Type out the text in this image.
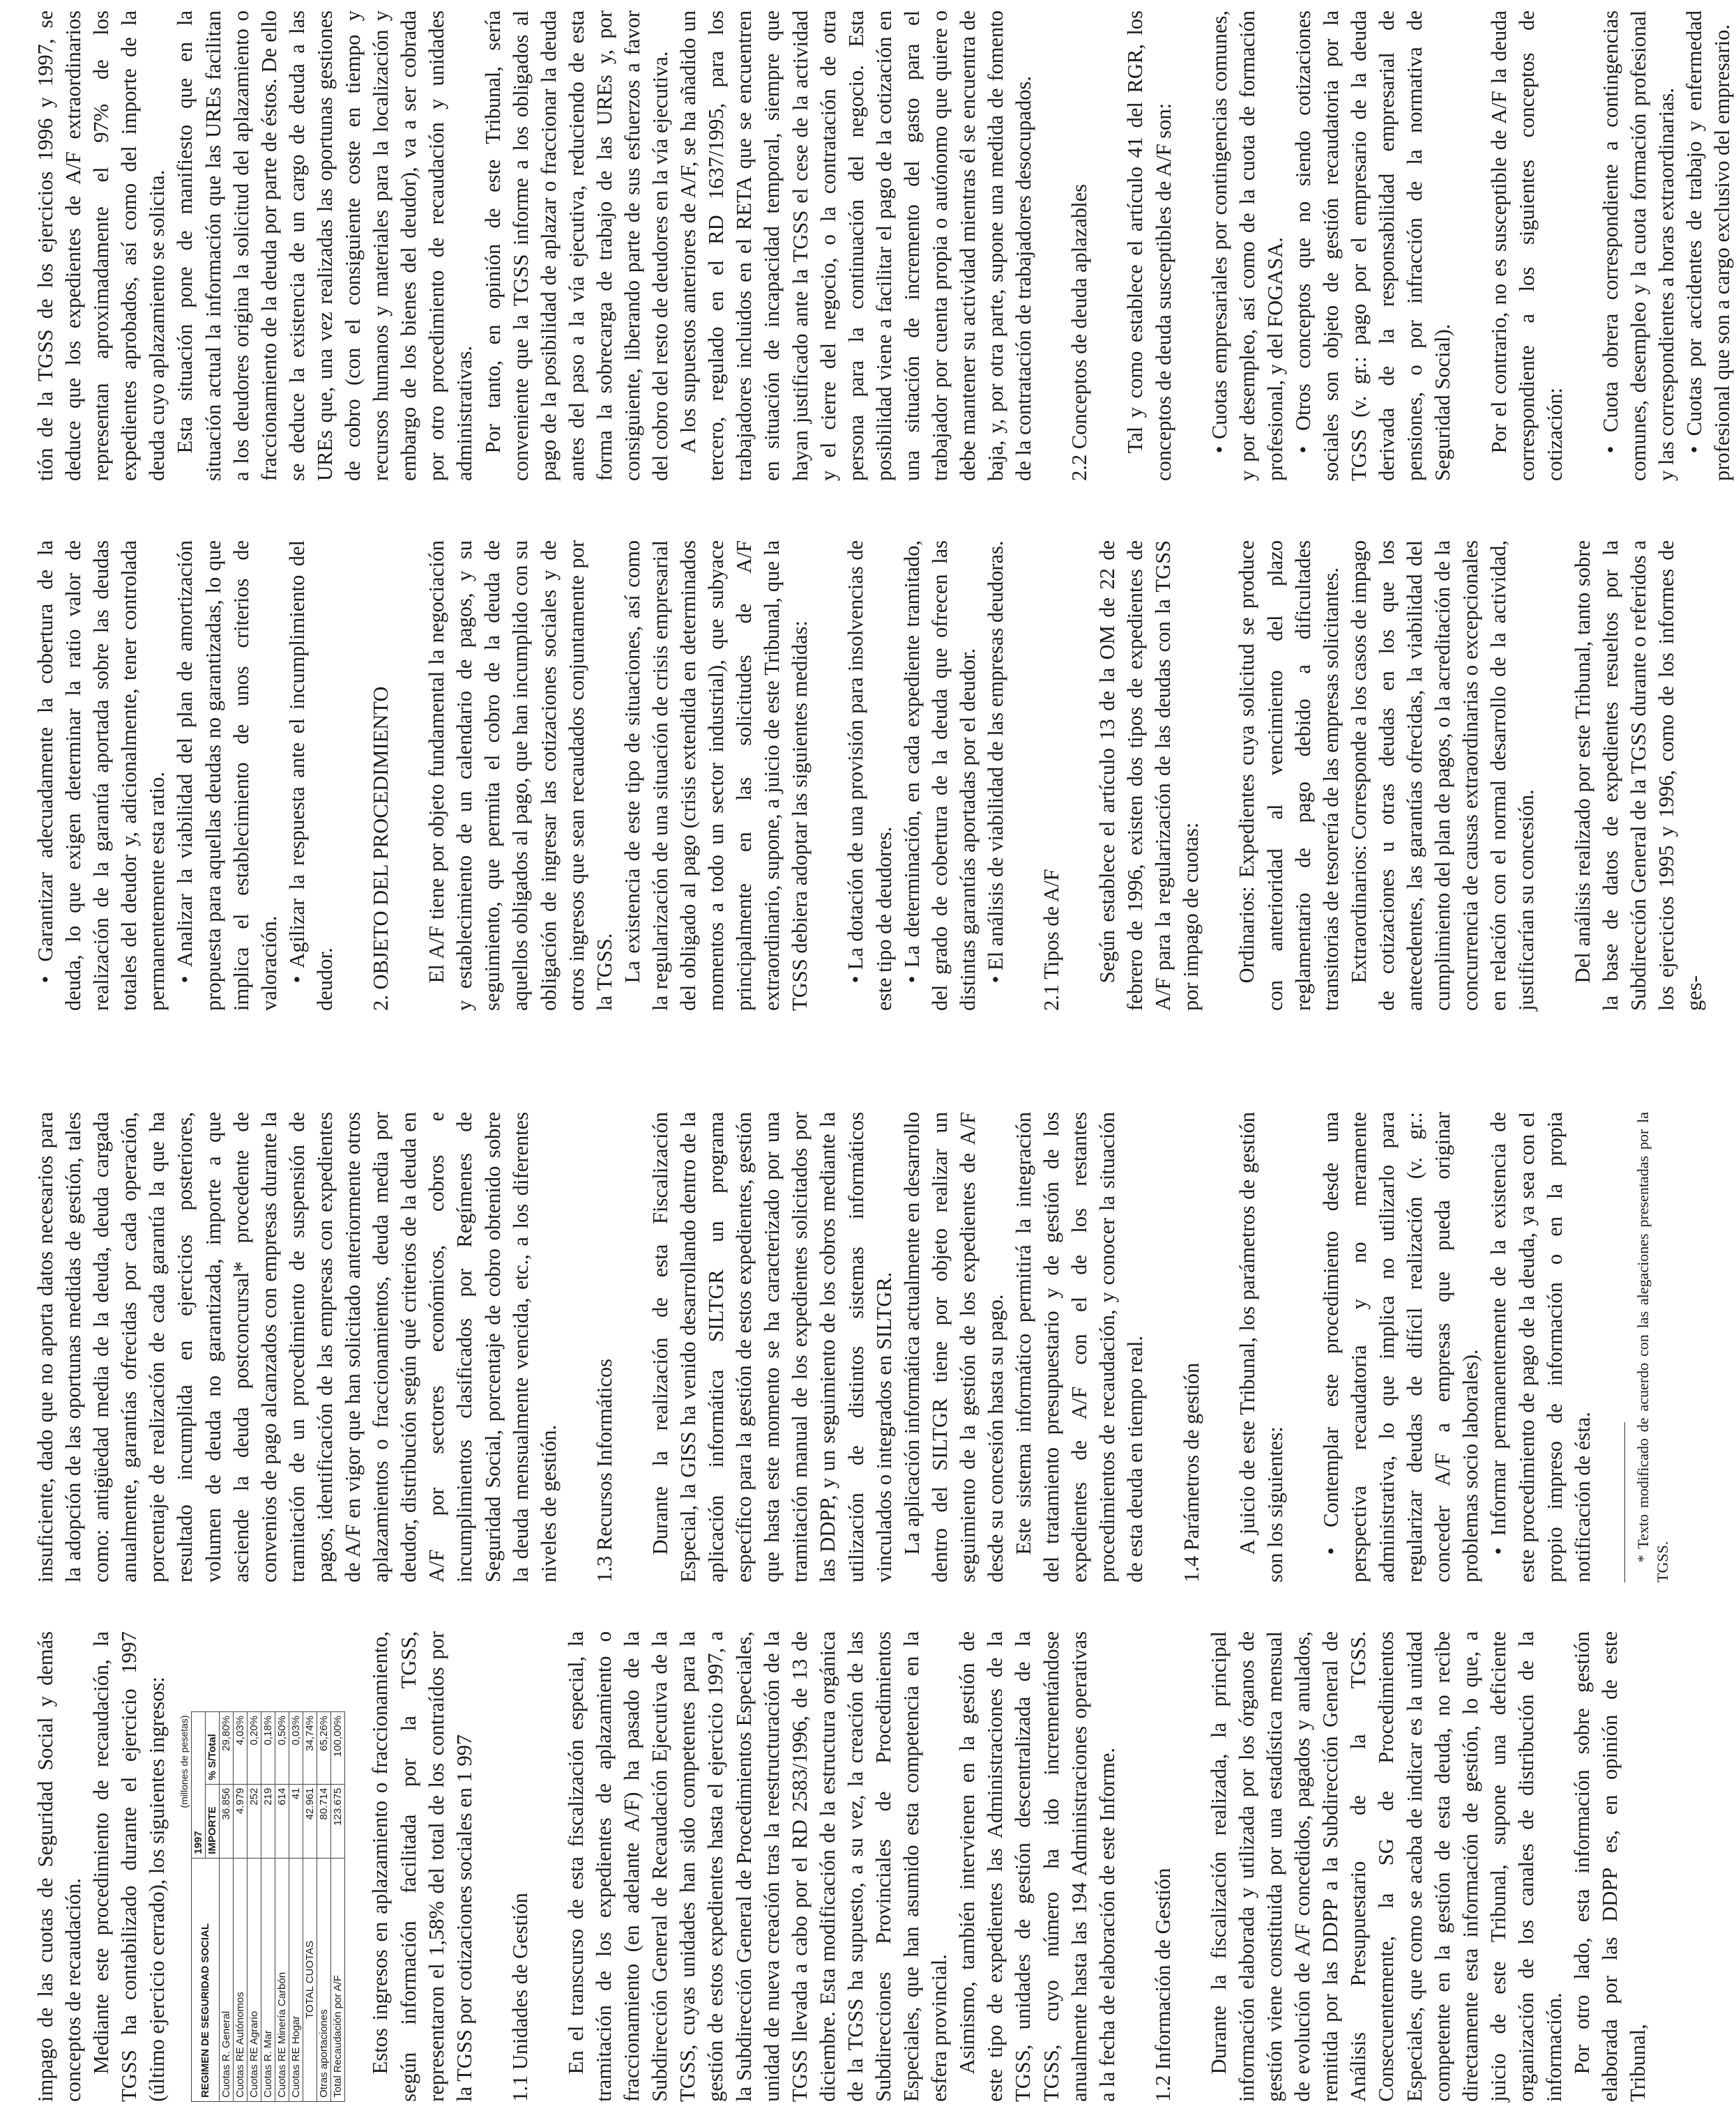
impago de las cuotas de Seguridad Social y demás conceptos de recaudación. Mediante este procedimiento de recaudación, la TGSS ha contabilizado durante el ejercicio 1997 (último ejercicio cerrado), los siguientes ingresos: (millones de pesetas)		
REGIMEN DE SEGURIDAD SOCIAL	1997	
	IMPORTE	% S/Total
Cuotas R. General	36.856	29,80%
Cuotas RE Autónomos	4.979	4,03%
Cuotas RE Agrario	252	0,20%
Cuotas R. Mar	219	0,18%
Cuotas RE Minería Carbón	614	0,50%
Cuotas RE Hogar	41	0,03%
TOTAL CUOTAS	42.961	34,74%
Otras aportaciones	80.714	65,26%
Total Recaudación por A/F	123.675	100,00% Estos ingresos en aplazamiento o fraccionamiento, según información facilitada por la TGSS, representaron el 1,58% del total de los contraídos por la TGSS por cotizaciones sociales en 1 997 1.1 Unidades de Gestión En el transcurso de esta fiscalización especial, la tramitación de los expedientes de aplazamiento o fraccionamiento (en adelante A/F) ha pasado de la Subdirección General de Recaudación Ejecutiva de la TGSS, cuyas unidades han sido competentes para la gestión de estos expedientes hasta el ejercicio 1997, a la Subdirección General de Procedimientos Especiales, unidad de nueva creación tras la reestructuración de la TGSS llevada a cabo por el RD 2583/1996, de 13 de diciembre. Esta modificación de la estructura orgánica de la TGSS ha supuesto, a su vez, la creación de las Subdirecciones Provinciales de Procedimientos Especiales, que han asumido esta competencia en la esfera provincial. Asimismo, también intervienen en la gestión de este tipo de expedientes las Administraciones de la TGSS, unidades de gestión descentralizada de la TGSS, cuyo número ha ido incrementándose anualmente hasta las 194 Administraciones operativas a la fecha de elaboración de este Informe. 1.2 Información de Gestión Durante la fiscalización realizada, la principal información elaborada y utilizada por los órganos de gestión viene constituida por una estadística mensual de evolución de A/F concedidos, pagados y anulados, remitida por las DDPP a la Subdirección General de Análisis Presupuestario de la TGSS. Consecuentemente, la SG de Procedimientos Especiales, que como se acaba de indicar es la unidad competente en la gestión de esta deuda, no recibe directamente esta información de gestión, lo que, a juicio de este Tribunal, supone una deficiente organización de los canales de distribución de la información. Por otro lado, esta información sobre gestión elaborada por las DDPP es, en opinión de este Tribunal,

insuficiente, dado que no aporta datos necesarios para la adopción de las oportunas medidas de gestión, tales como: antigüedad media de la deuda, deuda cargada anualmente, garantías ofrecidas por cada operación, porcentaje de realización de cada garantía la que ha resultado incumplida en ejercicios posteriores, volumen de deuda no garantizada, importe a que asciende la deuda postconcursal* procedente de convenios de pago alcanzados con empresas durante la tramitación de un procedimiento de suspensión de pagos, identificación de las empresas con expedientes de A/F en vigor que han solicitado anteriormente otros aplazamientos o fraccionamientos, deuda media por deudor, distribución según qué criterios de la deuda en A/F por sectores económicos, cobros e incumplimientos clasificados por Regímenes de Seguridad Social, porcentaje de cobro obtenido sobre la deuda mensualmente vencida, etc., a los diferentes niveles de gestión. 1.3 Recursos Informáticos Durante la realización de esta Fiscalización Especial, la GISS ha venido desarrollando dentro de la aplicación informática SILTGR un programa específico para la gestión de estos expedientes, gestión que hasta este momento se ha caracterizado por una tramitación manual de los expedientes solicitados por las DDPP, y un seguimiento de los cobros mediante la utilización de distintos sistemas informáticos vinculados o integrados en SILTGR. La aplicación informática actualmente en desarrollo dentro del SILTGR tiene por objeto realizar un seguimiento de la gestión de los expedientes de A/F desde su concesión hasta su pago. Este sistema informático permitirá la integración del tratamiento presupuestario y de gestión de los expedientes de A/F con el de los restantes procedimientos de recaudación, y conocer la situación de esta deuda en tiempo real. 1.4 Parámetros de gestión A juicio de este Tribunal, los parámetros de gestión son los siguientes: • Contemplar este procedimiento desde una perspectiva recaudatoria y no meramente administrativa, lo que implica no utilizarlo para regularizar deudas de difícil realización (v. gr.: conceder A/F a empresas que pueda originar problemas socio laborales). • Informar permanentemente de la existencia de este procedimiento de pago de la deuda, ya sea con el propio impreso de información o en la propia notificación de ésta.	* Texto modificado de acuerdo con las alegaciones presentadas por la TGSS.

• Garantizar adecuadamente la cobertura de la deuda, lo que exigen determinar la ratio valor de realización de la garantía aportada sobre las deudas totales del deudor y, adicionalmente, tener controlada permanentemente esta ratio. • Analizar la viabilidad del plan de amortización propuesta para aquellas deudas no garantizadas, lo que implica el establecimiento de unos criterios de valoración. • Agilizar la respuesta ante el incumplimiento del deudor. 2. OBJETO DEL PROCEDIMIENTO El A/F tiene por objeto fundamental la negociación y establecimiento de un calendario de pagos, y su seguimiento, que permita el cobro de la deuda de aquellos obligados al pago, que han incumplido con su obligación de ingresar las cotizaciones sociales y de otros ingresos que sean recaudados conjuntamente por la TGSS. La existencia de este tipo de situaciones, así como la regularización de una situación de crisis empresarial del obligado al pago (crisis extendida en determinados momentos a todo un sector industrial), que subyace principalmente en las solicitudes de A/F extraordinario, supone, a juicio de este Tribunal, que la TGSS debiera adoptar las siguientes medidas: • La dotación de una provisión para insolvencias de este tipo de deudores. • La determinación, en cada expediente tramitado, del grado de cobertura de la deuda que ofrecen las distintas garantías aportadas por el deudor. • El análisis de viabilidad de las empresas deudoras. 2.1 Tipos de A/F Según establece el artículo 13 de la OM de 22 de febrero de 1996, existen dos tipos de expedientes de A/F para la regularización de las deudas con la TGSS por impago de cuotas: Ordinarios: Expedientes cuya solicitud se produce con anterioridad al vencimiento del plazo reglamentario de pago debido a dificultades transitorias de tesorería de las empresas solicitantes. Extraordinarios: Corresponde a los casos de impago de cotizaciones u otras deudas en los que los antecedentes, las garantías ofrecidas, la viabilidad del cumplimiento del plan de pagos, o la acreditación de la concurrencia de causas extraordinarias o excepcionales en relación con el normal desarrollo de la actividad, justificarían su concesión. Del análisis realizado por este Tribunal, tanto sobre la base de datos de expedientes resueltos por la Subdirección General de la TGSS durante o referidos a los ejercicios 1995 y 1996, como de los informes de ges-

tión de la TGSS de los ejercicios 1996 y 1997, se deduce que los expedientes de A/F extraordinarios representan aproximadamente el 97% de los expedientes aprobados, así como del importe de la deuda cuyo aplazamiento se solicita. Esta situación pone de manifiesto que en la situación actual la información que las UREs facilitan a los deudores origina la solicitud del aplazamiento o fraccionamiento de la deuda por parte de éstos. De ello se deduce la existencia de un cargo de deuda a las UREs que, una vez realizadas las oportunas gestiones de cobro (con el consiguiente coste en tiempo y recursos humanos y materiales para la localización y embargo de los bienes del deudor), va a ser cobrada por otro procedimiento de recaudación y unidades administrativas. Por tanto, en opinión de este Tribunal, sería conveniente que la TGSS informe a los obligados al pago de la posibilidad de aplazar o fraccionar la deuda antes del paso a la vía ejecutiva, reduciendo de esta forma la sobrecarga de trabajo de las UREs y, por consiguiente, liberando parte de sus esfuerzos a favor del cobro del resto de deudores en la vía ejecutiva. A los supuestos anteriores de A/F, se ha añadido un tercero, regulado en el RD 1637/1995, para los trabajadores incluidos en el RETA que se encuentren en situación de incapacidad temporal, siempre que hayan justificado ante la TGSS el cese de la actividad y el cierre del negocio, o la contratación de otra persona para la continuación del negocio. Esta posibilidad viene a facilitar el pago de la cotización en una situación de incremento del gasto para el trabajador por cuenta propia o autónomo que quiere o debe mantener su actividad mientras él se encuentra de baja, y, por otra parte, supone una medida de fomento de la contratación de trabajadores desocupados. 2.2 Conceptos de deuda aplazables Tal y como establece el artículo 41 del RGR, los conceptos de deuda susceptibles de A/F son: • Cuotas empresariales por contingencias comunes, y por desempleo, así como de la cuota de formación profesional, y del FOGASA. • Otros conceptos que no siendo cotizaciones sociales son objeto de gestión recaudatoria por la TGSS (v. gr.: pago por el empresario de la deuda derivada de la responsabilidad empresarial de pensiones, o por infracción de la normativa de Seguridad Social). Por el contrario, no es susceptible de A/F la deuda correspondiente a los siguientes conceptos de cotización:

• Cuota obrera correspondiente a contingencias comunes, desempleo y la cuota formación profesional y las correspondientes a horas extraordinarias. • Cuotas por accidentes de trabajo y enfermedad profesional que son a cargo exclusivo del empresario.
